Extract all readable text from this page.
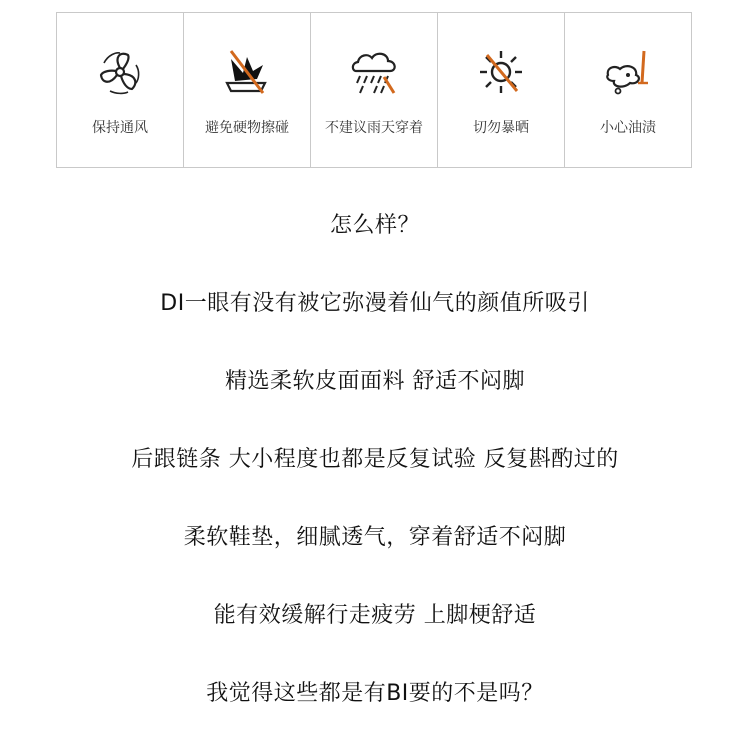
保持通风	避免硬物擦碰	不建议雨天穿着	切勿暴晒	小心油渍
怎么样？
DI一眼有没有被它弥漫着仙气的颜值所吸引
精选柔软皮面面料 舒适不闷脚
后跟链条 大小程度也都是反复试验 反复斟酌过的
柔软鞋垫，细腻透气，穿着舒适不闷脚
能有效缓解行走疲劳 上脚梗舒适
我觉得这些都是有BI要的不是吗？
